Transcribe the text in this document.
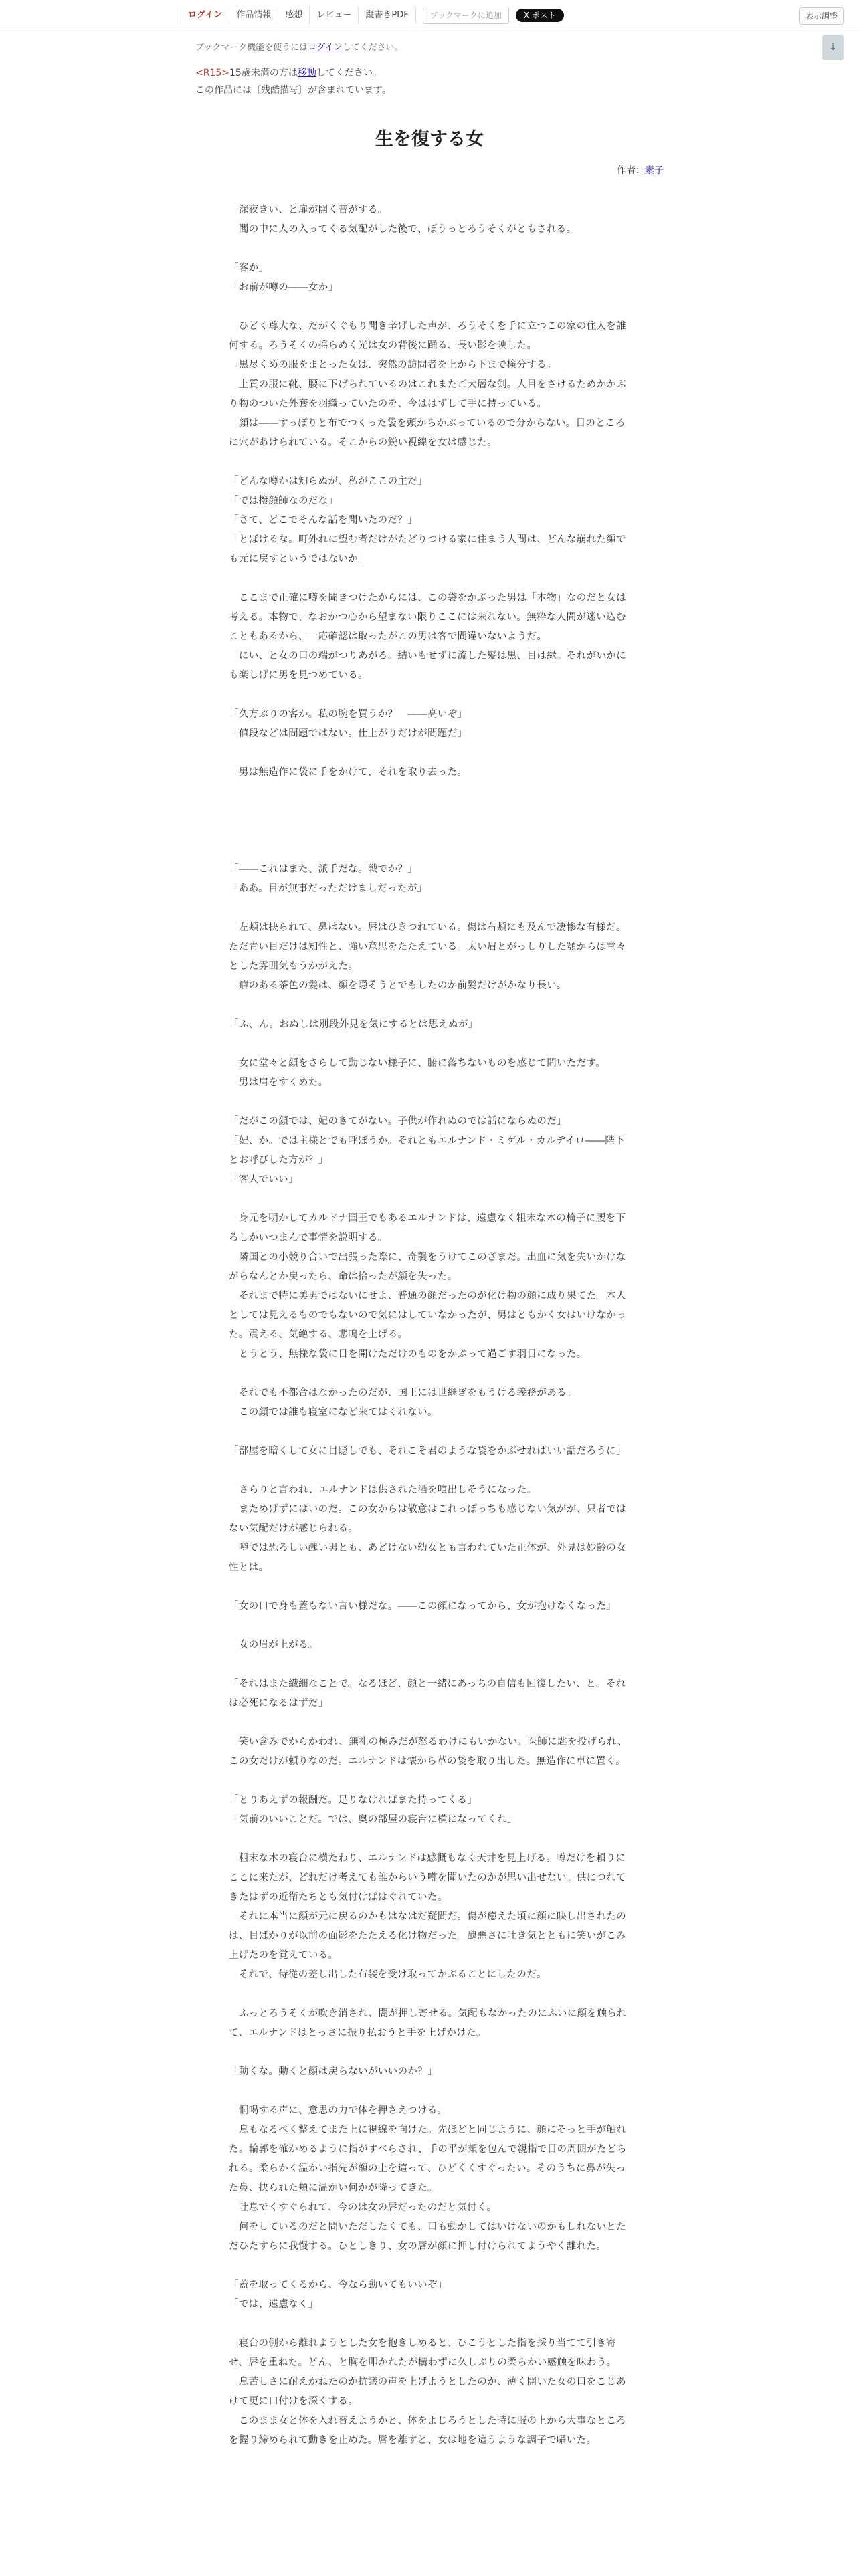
ログイン	作品情報	感想	レビュー	縦書きPDF	ブックマークに追加	X ポスト	表示調整
⇣
ブックマーク機能を使うにはログインしてください。
<R15>15歳未満の方は移動してください。
この作品には〔残酷描写〕が含まれています。
生を復する女
作者：素子

　深夜きい、と扉が開く音がする。

　闇の中に人の入ってくる気配がした後で、ぼうっとろうそくがともされる。

「客か」

「お前が噂の――女か」

　ひどく尊大な、だがくぐもり聞き辛げした声が、ろうそくを手に立つこの家の住人を誰何する。ろうそくの揺らめく光は女の背後に踊る、長い影を映した。

　黒尽くめの服をまとった女は、突然の訪問者を上から下まで検分する。

　上質の服に靴、腰に下げられているのはこれまたご大層な剣。人目をさけるためかかぶり物のついた外套を羽織っていたのを、今ははずして手に持っている。

　顔は――すっぽりと布でつくった袋を頭からかぶっているので分からない。目のところに穴があけられている。そこからの鋭い視線を女は感じた。

「どんな噂かは知らぬが、私がここの主だ」

「では撥顔師なのだな」

「さて、どこでそんな話を聞いたのだ？」

「とぼけるな。町外れに望む者だけがたどりつける家に住まう人間は、どんな崩れた顔でも元に戻すというではないか」

　ここまで正確に噂を聞きつけたからには、この袋をかぶった男は「本物」なのだと女は考える。本物で、なおかつ心から望まない限りここには来れない。無粋な人間が迷い込むこともあるから、一応確認は取ったがこの男は客で間違いないようだ。

　にい、と女の口の端がつりあがる。結いもせずに流した髪は黒、目は緑。それがいかにも楽しげに男を見つめている。

「久方ぶりの客か。私の腕を買うか？　――高いぞ」

「値段などは問題ではない。仕上がりだけが問題だ」

　男は無造作に袋に手をかけて、それを取り去った。

「――これはまた、派手だな。戦でか？」

「ああ。目が無事だっただけましだったが」

　左頬は抉られて、鼻はない。唇はひきつれている。傷は右頬にも及んで凄惨な有様だ。ただ青い目だけは知性と、強い意思をたたえている。太い眉とがっしりした顎からは堂々とした雰囲気もうかがえた。

　癖のある茶色の髪は、顔を隠そうとでもしたのか前髪だけがかなり長い。

「ふ、ん。おぬしは別段外見を気にするとは思えぬが」

　女に堂々と顔をさらして動じない様子に、腑に落ちないものを感じて問いただす。

　男は肩をすくめた。

「だがこの顔では、妃のきてがない。子供が作れぬのでは話にならぬのだ」

「妃、か。では主様とでも呼ぼうか。それともエルナンド・ミゲル・カルデイロ――陛下とお呼びした方が？」

「客人でいい」

　身元を明かしてカルドナ国王でもあるエルナンドは、遠慮なく粗末な木の椅子に腰を下ろしかいつまんで事情を説明する。

　隣国との小競り合いで出張った際に、奇襲をうけてこのざまだ。出血に気を失いかけながらなんとか戻ったら、命は拾ったが顔を失った。

　それまで特に美男ではないにせよ、普通の顔だったのが化け物の顔に成り果てた。本人としては見えるものでもないので気にはしていなかったが、男はともかく女はいけなかった。震える、気絶する、悲鳴を上げる。

　とうとう、無様な袋に目を開けただけのものをかぶって過ごす羽目になった。

　それでも不都合はなかったのだが、国王には世継ぎをもうける義務がある。

　この顔では誰も寝室になど来てはくれない。

「部屋を暗くして女に目隠しでも、それこそ君のような袋をかぶせればいい話だろうに」

　さらりと言われ、エルナンドは供された酒を噴出しそうになった。

　まためげずにはいのだ。この女からは敬意はこれっぽっちも感じない気がが、只者ではない気配だけが感じられる。

　噂では恐ろしい醜い男とも、あどけない幼女とも言われていた正体が、外見は妙齢の女性とは。

「女の口で身も蓋もない言い様だな。――この顔になってから、女が抱けなくなった」

　女の眉が上がる。

「それはまた繊細なことで。なるほど、顔と一緒にあっちの自信も回復したい、と。それは必死になるはずだ」

　笑い含みでからかわれ、無礼の極みだが怒るわけにもいかない。医師に匙を投げられ、この女だけが頼りなのだ。エルナンドは懐から革の袋を取り出した。無造作に卓に置く。

「とりあえずの報酬だ。足りなければまた持ってくる」

「気前のいいことだ。では、奥の部屋の寝台に横になってくれ」

　粗末な木の寝台に横たわり、エルナンドは感慨もなく天井を見上げる。噂だけを頼りにここに来たが、どれだけ考えても誰からいう噂を聞いたのかが思い出せない。供につれてきたはずの近衛たちとも気付けばはぐれていた。

　それに本当に顔が元に戻るのかもはなはだ疑問だ。傷が癒えた頃に顔に映し出されたのは、目ばかりが以前の面影をたたえる化け物だった。醜悪さに吐き気とともに笑いがこみ上げたのを覚えている。

　それで、侍従の差し出した布袋を受け取ってかぶることにしたのだ。

　ふっとろうそくが吹き消され、闇が押し寄せる。気配もなかったのにふいに顔を触られて、エルナンドはとっさに振り払おうと手を上げかけた。

「動くな。動くと顔は戻らないがいいのか？」

　恫喝する声に、意思の力で体を押さえつける。

　息もなるべく整えてまた上に視線を向けた。先ほどと同じように、顔にそっと手が触れた。輪郭を確かめるように指がすべらされ、手の平が頬を包んで親指で目の周囲がたどられる。柔らかく温かい指先が額の上を這って、ひどくくすぐったい。そのうちに鼻が失った鼻、抉られた頬に温かい何かが降ってきた。

　吐息でくすぐられて、今のは女の唇だったのだと気付く。

　何をしているのだと問いただしたくても、口も動かしてはいけないのかもしれないとただひたすらに我慢する。ひとしきり、女の唇が顔に押し付けられてようやく離れた。

「蓋を取ってくるから、今なら動いてもいいぞ」

「では、遠慮なく」

　寝台の側から離れようとした女を抱きしめると、ひこうとした指を採り当てて引き寄せ、唇を重ねた。どん、と胸を叩かれたが構わずに久しぶりの柔らかい感触を味わう。

　息苦しさに耐えかねたのか抗議の声を上げようとしたのか、薄く開いた女の口をこじあけて更に口付けを深くする。

　このまま女と体を入れ替えようかと、体をよじろうとした時に服の上から大事なところを握り締められて動きを止めた。唇を離すと、女は地を這うような調子で囁いた。
